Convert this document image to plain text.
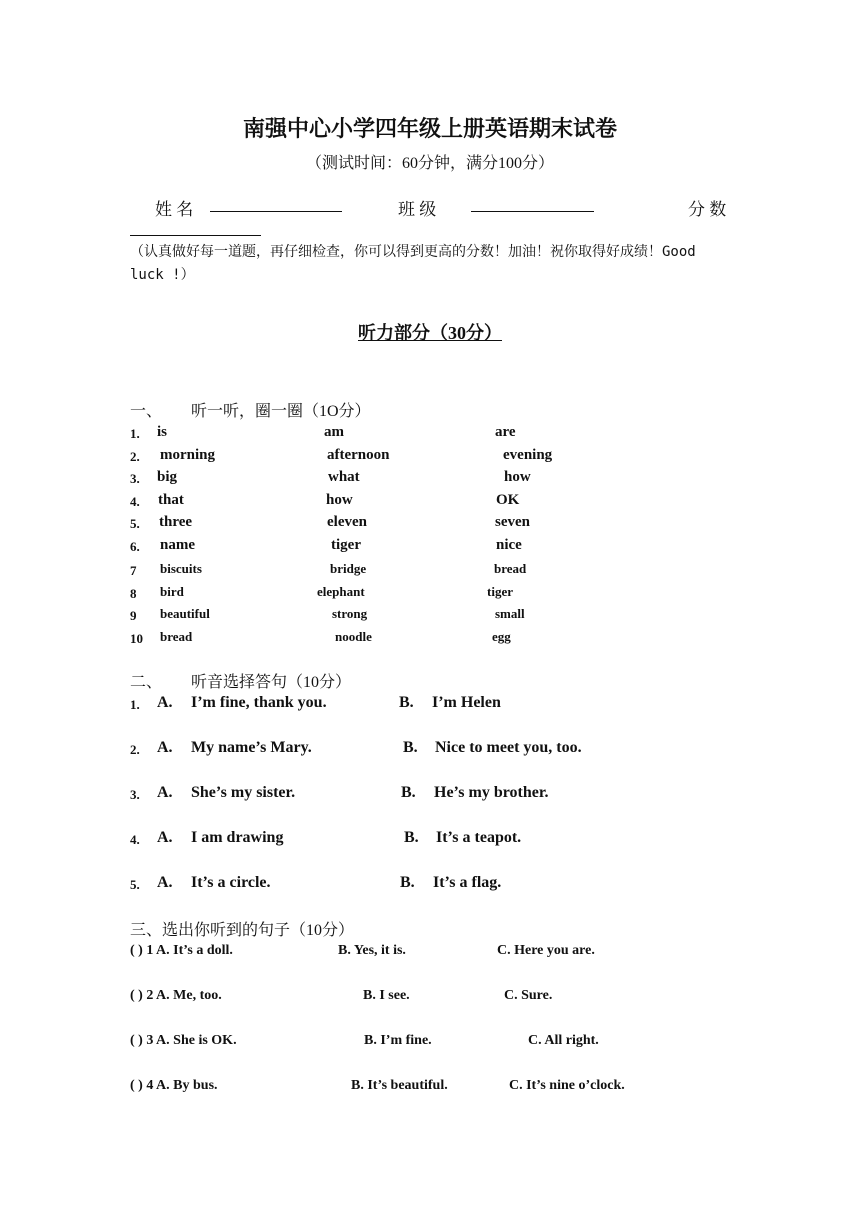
南强中心小学四年级上册英语期末试卷
（测试时间：60分钟，满分100分）
姓 名	班 级	分 数
（认真做好每一道题，再仔细检查，你可以得到更高的分数！加油！祝你取得好成绩！Good luck !）
听力部分（30分）
一、 听一听，圈一圈（1O分）
1. is	am	are
2. morning	afternoon	evening
3. big	what	how
4. that	how	OK
5. three	eleven	seven
6. name	tiger	nice
7 biscuits	bridge	bread
8 bird	elephant	tiger
9 beautiful	strong	small
10 bread	noodle	egg
二、 听音选择答句（10分）
1. A. I’m fine, thank you.	B. I’m Helen
2. A. My name’s Mary.	B. Nice to meet you, too.
3. A. She’s my sister.	B. He’s my brother.
4. A. I am drawing	B. It’s a teapot.
5. A. It’s a circle.	B. It’s a flag.
三、选出你听到的句子（10分）
( ) 1 A. It’s a doll.	B. Yes, it is.	C. Here you are.
( ) 2 A. Me, too.	B. I see.	C. Sure.
( ) 3 A. She is OK.	B. I’m fine.	C. All right.
( ) 4 A. By bus.	B. It’s beautiful.	C. It’s nine o’clock.
